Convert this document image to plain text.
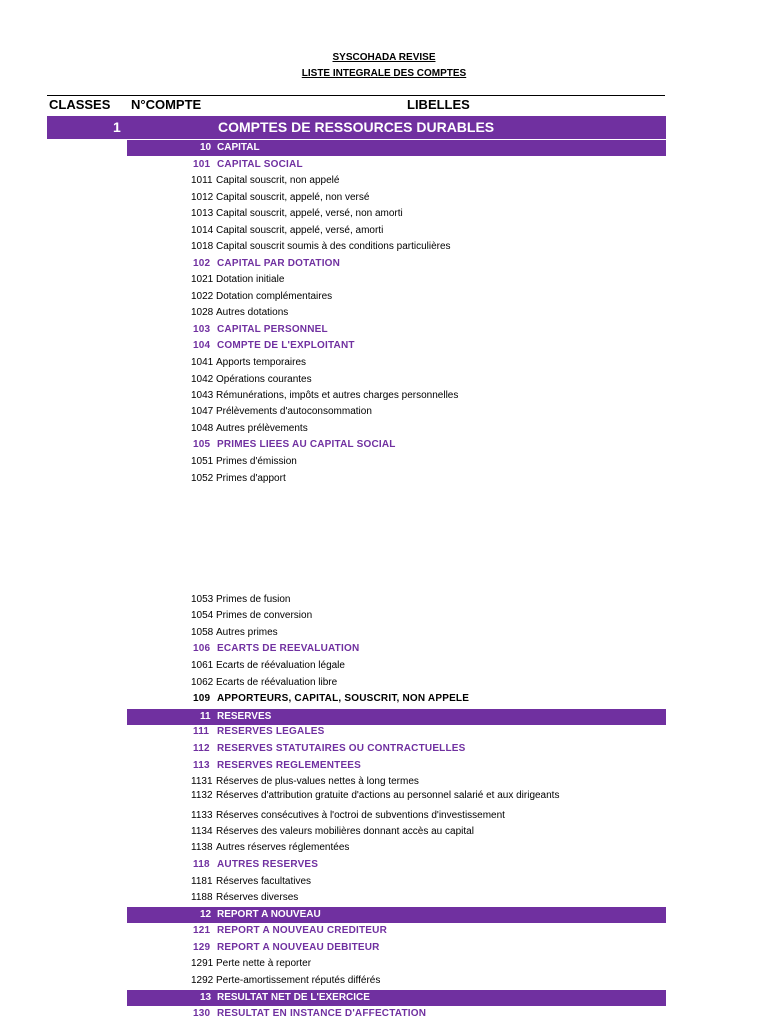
SYSCOHADA REVISE
LISTE INTEGRALE DES COMPTES
CLASSES N°COMPTE	LIBELLES
1	COMPTES DE RESSOURCES DURABLES
10 CAPITAL
101 CAPITAL SOCIAL
1011 Capital souscrit, non appelé
1012 Capital souscrit, appelé, non versé
1013 Capital souscrit, appelé, versé, non amorti
1014 Capital souscrit, appelé, versé, amorti
1018 Capital souscrit soumis à des conditions particulières
102 CAPITAL PAR DOTATION
1021 Dotation initiale
1022 Dotation complémentaires
1028 Autres dotations
103 CAPITAL PERSONNEL
104 COMPTE DE L'EXPLOITANT
1041 Apports temporaires
1042 Opérations courantes
1043 Rémunérations, impôts et autres charges personnelles
1047 Prélèvements d'autoconsommation
1048 Autres prélèvements
105 PRIMES LIEES AU CAPITAL SOCIAL
1051 Primes d'émission
1052 Primes d'apport
1053 Primes de fusion
1054 Primes de conversion
1058 Autres primes
106 ECARTS DE REEVALUATION
1061 Ecarts de réévaluation légale
1062 Ecarts de réévaluation libre
109 APPORTEURS, CAPITAL, SOUSCRIT, NON APPELE
11 RESERVES
111 RESERVES LEGALES
112 RESERVES STATUTAIRES OU CONTRACTUELLES
113 RESERVES REGLEMENTEES
1131 Réserves de plus-values nettes à long termes
1132 Réserves d'attribution gratuite d'actions au personnel salarié et aux dirigeants
1133 Réserves consécutives à l'octroi de subventions d'investissement
1134 Réserves des valeurs mobilières donnant accès au capital
1138 Autres réserves réglementées
118 AUTRES RESERVES
1181 Réserves facultatives
1188 Réserves diverses
12 REPORT A NOUVEAU
121 REPORT A NOUVEAU CREDITEUR
129 REPORT A NOUVEAU DEBITEUR
1291 Perte nette à reporter
1292 Perte-amortissement réputés différés
13 RESULTAT NET DE L'EXERCICE
130 RESULTAT EN INSTANCE D'AFFECTATION
